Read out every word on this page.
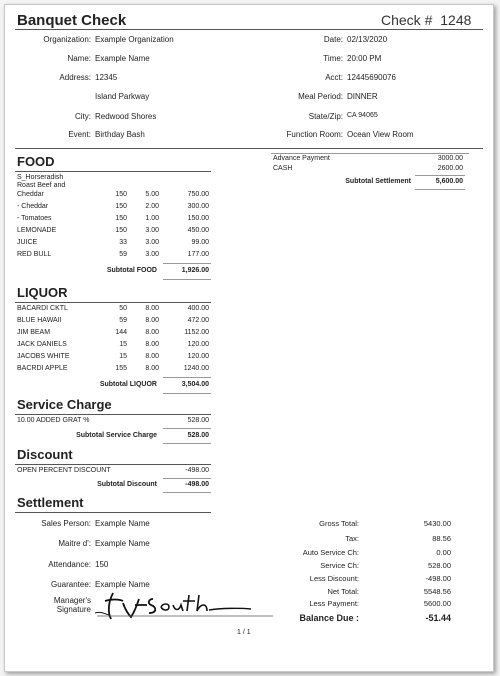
Banquet Check	Check # 1248
Organization: Example Organization
Name: Example Name
Address: 12345
Island Parkway
City: Redwood Shores
Event: Birthday Bash
Date: 02/13/2020
Time: 20:00 PM
Acct: 12445690076
Meal Period: DINNER
State/Zip: CA 94065
Function Room: Ocean View Room
FOOD
S_Horseradish
Roast Beef and
Cheddar	150	5.00	750.00
- Cheddar	150	2.00	300.00
- Tomatoes	150	1.00	150.00
LEMONADE	150	3.00	450.00
JUICE	33	3.00	99.00
RED BULL	59	3.00	177.00
Subtotal FOOD	1,926.00
LIQUOR
BACARDI CKTL	50	8.00	400.00
BLUE HAWAII	59	8.00	472.00
JIM BEAM	144	8.00	1152.00
JACK DANIELS	15	8.00	120.00
JACOBS WHITE	15	8.00	120.00
BACRDI APPLE	155	8.00	1240.00
Subtotal LIQUOR	3,504.00
Service Charge
10.00 ADDED GRAT %	528.00
Subtotal Service Charge	528.00
Discount
OPEN PERCENT DISCOUNT	-498.00
Subtotal Discount	-498.00
Advance Payment	3000.00
CASH	2600.00
Subtotal Settlement	5,600.00
Settlement
Sales Person: Example Name
Maitre d': Example Name
Attendance: 150
Guarantee: Example Name
Manager's
Signature
Gross Total:	5430.00
Tax:	88.56
Auto Service Ch:	0.00
Service Ch:	528.00
Less Discount:	-498.00
Net Total:	5548.56
Less Payment:	5600.00
Balance Due :	-51.44
1 / 1
